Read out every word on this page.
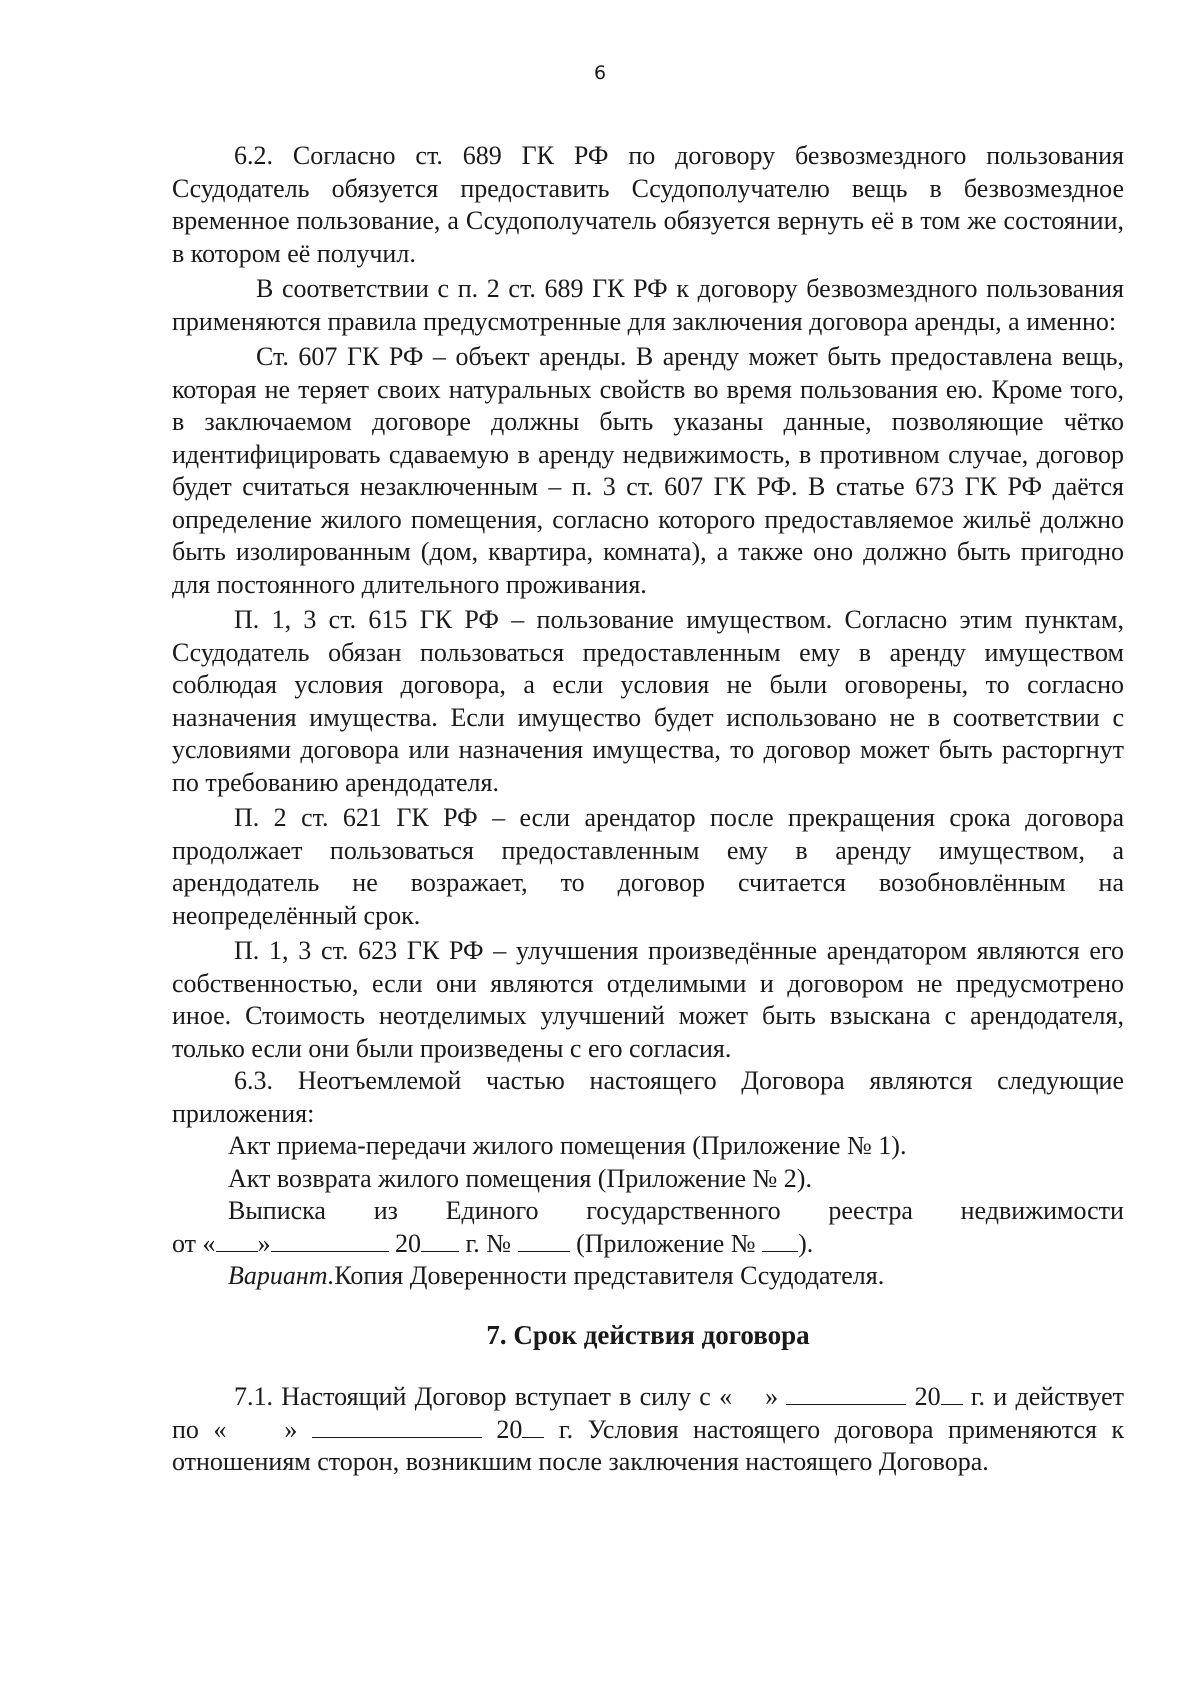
6

6.2. Согласно ст. 689 ГК РФ по договору безвозмездного пользования Ссудодатель обязуется предоставить Ссудополучателю вещь в безвозмездное временное пользование, а Ссудополучатель обязуется вернуть её в том же состоянии, в котором её получил.

В соответствии с п. 2 ст. 689 ГК РФ к договору безвозмездного пользования применяются правила предусмотренные для заключения договора аренды, а именно:

Ст. 607 ГК РФ – объект аренды. В аренду может быть предоставлена вещь, которая не теряет своих натуральных свойств во время пользования ею. Кроме того, в заключаемом договоре должны быть указаны данные, позволяющие чётко идентифицировать сдаваемую в аренду недвижимость, в противном случае, договор будет считаться незаключенным – п. 3 ст. 607 ГК РФ. В статье 673 ГК РФ даётся определение жилого помещения, согласно которого предоставляемое жильё должно быть изолированным (дом, квартира, комната), а также оно должно быть пригодно для постоянного длительного проживания.

П. 1, 3 ст. 615 ГК РФ – пользование имуществом. Согласно этим пунктам, Ссудодатель обязан пользоваться предоставленным ему в аренду имуществом соблюдая условия договора, а если условия не были оговорены, то согласно назначения имущества. Если имущество будет использовано не в соответствии с условиями договора или назначения имущества, то договор может быть расторгнут по требованию арендодателя.

П. 2 ст. 621 ГК РФ – если арендатор после прекращения срока договора продолжает пользоваться предоставленным ему в аренду имуществом, а арендодатель не возражает, то договор считается возобновлённым на неопределённый срок.

П. 1, 3 ст. 623 ГК РФ – улучшения произведённые арендатором являются его собственностью, если они являются отделимыми и договором не предусмотрено иное. Стоимость неотделимых улучшений может быть взыскана с арендодателя, только если они были произведены с его согласия.

6.3. Неотъемлемой частью настоящего Договора являются следующие приложения:

Акт приема-передачи жилого помещения (Приложение № 1).

Акт возврата жилого помещения (Приложение № 2).

Выписка из Единого государственного реестра недвижимости

от « »	20 г. №	(Приложение № ).

Вариант.Копия Доверенности представителя Ссудодателя.

7. Срок действия договора

7.1. Настоящий Договор вступает в силу с « »	20 г. и действует по « »	20 г. Условия настоящего договора применяются к отношениям сторон, возникшим после заключения настоящего Договора.
